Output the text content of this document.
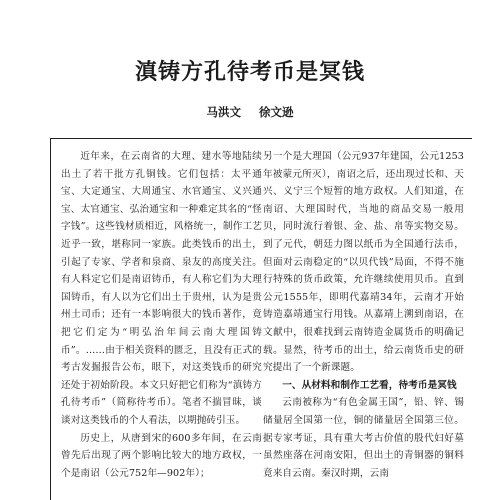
滇铸方孔待考币是冥钱
马洪文 徐文逊

近年来，在云南省的大理、建水等地陆续出土了若干批方孔铜钱。它们包括：太平通宝、大定通宝、大周通宝、水官通宝、义兴通宝、太官通宝、弘治通宝和一种难定其名的“怪字钱”。这些钱材质相近，风格统一，制作工艺近乎一致，堪称同一家族。此类钱币的出土，引起了专家、学者和泉商、泉友的高度关注。有人料定它们是南诏铸币，有人称它们为大理国铸币，有人以为它们出土于贵州，认为是贵州土司币；还有一本影响很大的钱币著作，竟把它们定为“明弘治年间云南大理国铸币”。……由于相关资料的匮乏，且没有正式的考古发掘报告公布，眼下，对这类钱币的研究还处于初始阶段。本文只好把它们称为“滇铸方孔待考币”（简称待考币）。笔者不揣冒昧，谈谈对这类钱币的个人看法，以期抛砖引玉。

历史上，从唐到宋的600多年间，在云南曾先后出现了两个影响比较大的地方政权，一个是南诏（公元752年—902年）；

另一个是大理国（公元937年建国，公元1253年被蒙元所灭），南诏之后，还出现过长和、天兴、义宁三个短暂的地方政权。人们知道，在南诏、大理国时代，当地的商品交易一般用贝，同时流行着银、金、盐、帛等实物交易。到了元代，朝廷力图以纸币为全国通行法币，但面对云南稳定的“以贝代钱”局面，不得不施行特殊的货币政策，允许继续使用贝币。直到公元1555年，即明代嘉靖34年，云南才开始铸造嘉靖通宝行用钱。从嘉靖上溯到南诏，在文献中，很难找到云南铸造金属货币的明确记载。显然，待考币的出土，给云南货币史的研究提出了一个新课题。

一、从材料和制作工艺看，待考币是冥钱

云南被称为“有色金属王国”，铅、锌、锡储量居全国第一位，铜的储量居全国第三位。据专家考证，具有重大考古价值的殷代妇好墓虽然座落在河南安阳，但出土的青铜器的铜料竟来自云南。秦汉时期，云南
